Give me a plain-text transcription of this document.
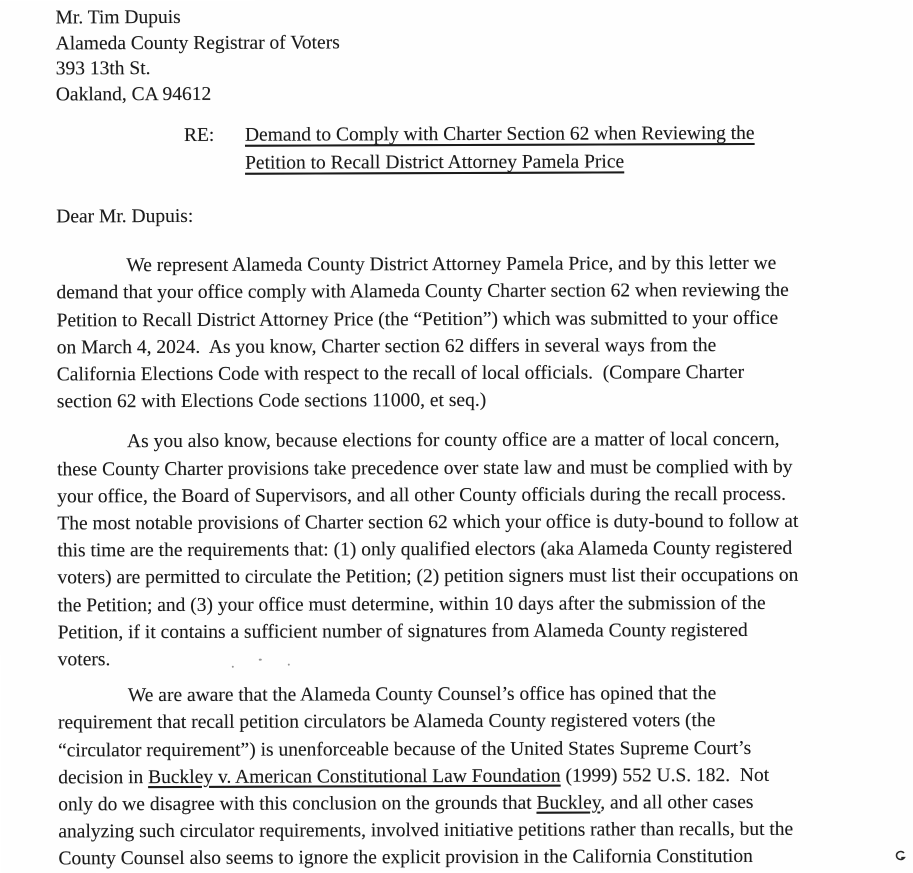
Mr. Tim Dupuis
Alameda County Registrar of Voters
393 13th St.
Oakland, CA 94612
RE:	Demand to Comply with Charter Section 62 when Reviewing the
Petition to Recall District Attorney Pamela Price
Dear Mr. Dupuis:
We represent Alameda County District Attorney Pamela Price, and by this letter we
demand that your office comply with Alameda County Charter section 62 when reviewing the
Petition to Recall District Attorney Price (the “Petition”) which was submitted to your office
on March 4, 2024.  As you know, Charter section 62 differs in several ways from the
California Elections Code with respect to the recall of local officials.  (Compare Charter
section 62 with Elections Code sections 11000, et seq.)
As you also know, because elections for county office are a matter of local concern,
these County Charter provisions take precedence over state law and must be complied with by
your office, the Board of Supervisors, and all other County officials during the recall process.
The most notable provisions of Charter section 62 which your office is duty-bound to follow at
this time are the requirements that: (1) only qualified electors (aka Alameda County registered
voters) are permitted to circulate the Petition; (2) petition signers must list their occupations on
the Petition; and (3) your office must determine, within 10 days after the submission of the
Petition, if it contains a sufficient number of signatures from Alameda County registered
voters.
We are aware that the Alameda County Counsel’s office has opined that the
requirement that recall petition circulators be Alameda County registered voters (the
“circulator requirement”) is unenforceable because of the United States Supreme Court’s
decision in Buckley v. American Constitutional Law Foundation (1999) 552 U.S. 182.  Not
only do we disagree with this conclusion on the grounds that Buckley, and all other cases
analyzing such circulator requirements, involved initiative petitions rather than recalls, but the
County Counsel also seems to ignore the explicit provision in the California Constitution
